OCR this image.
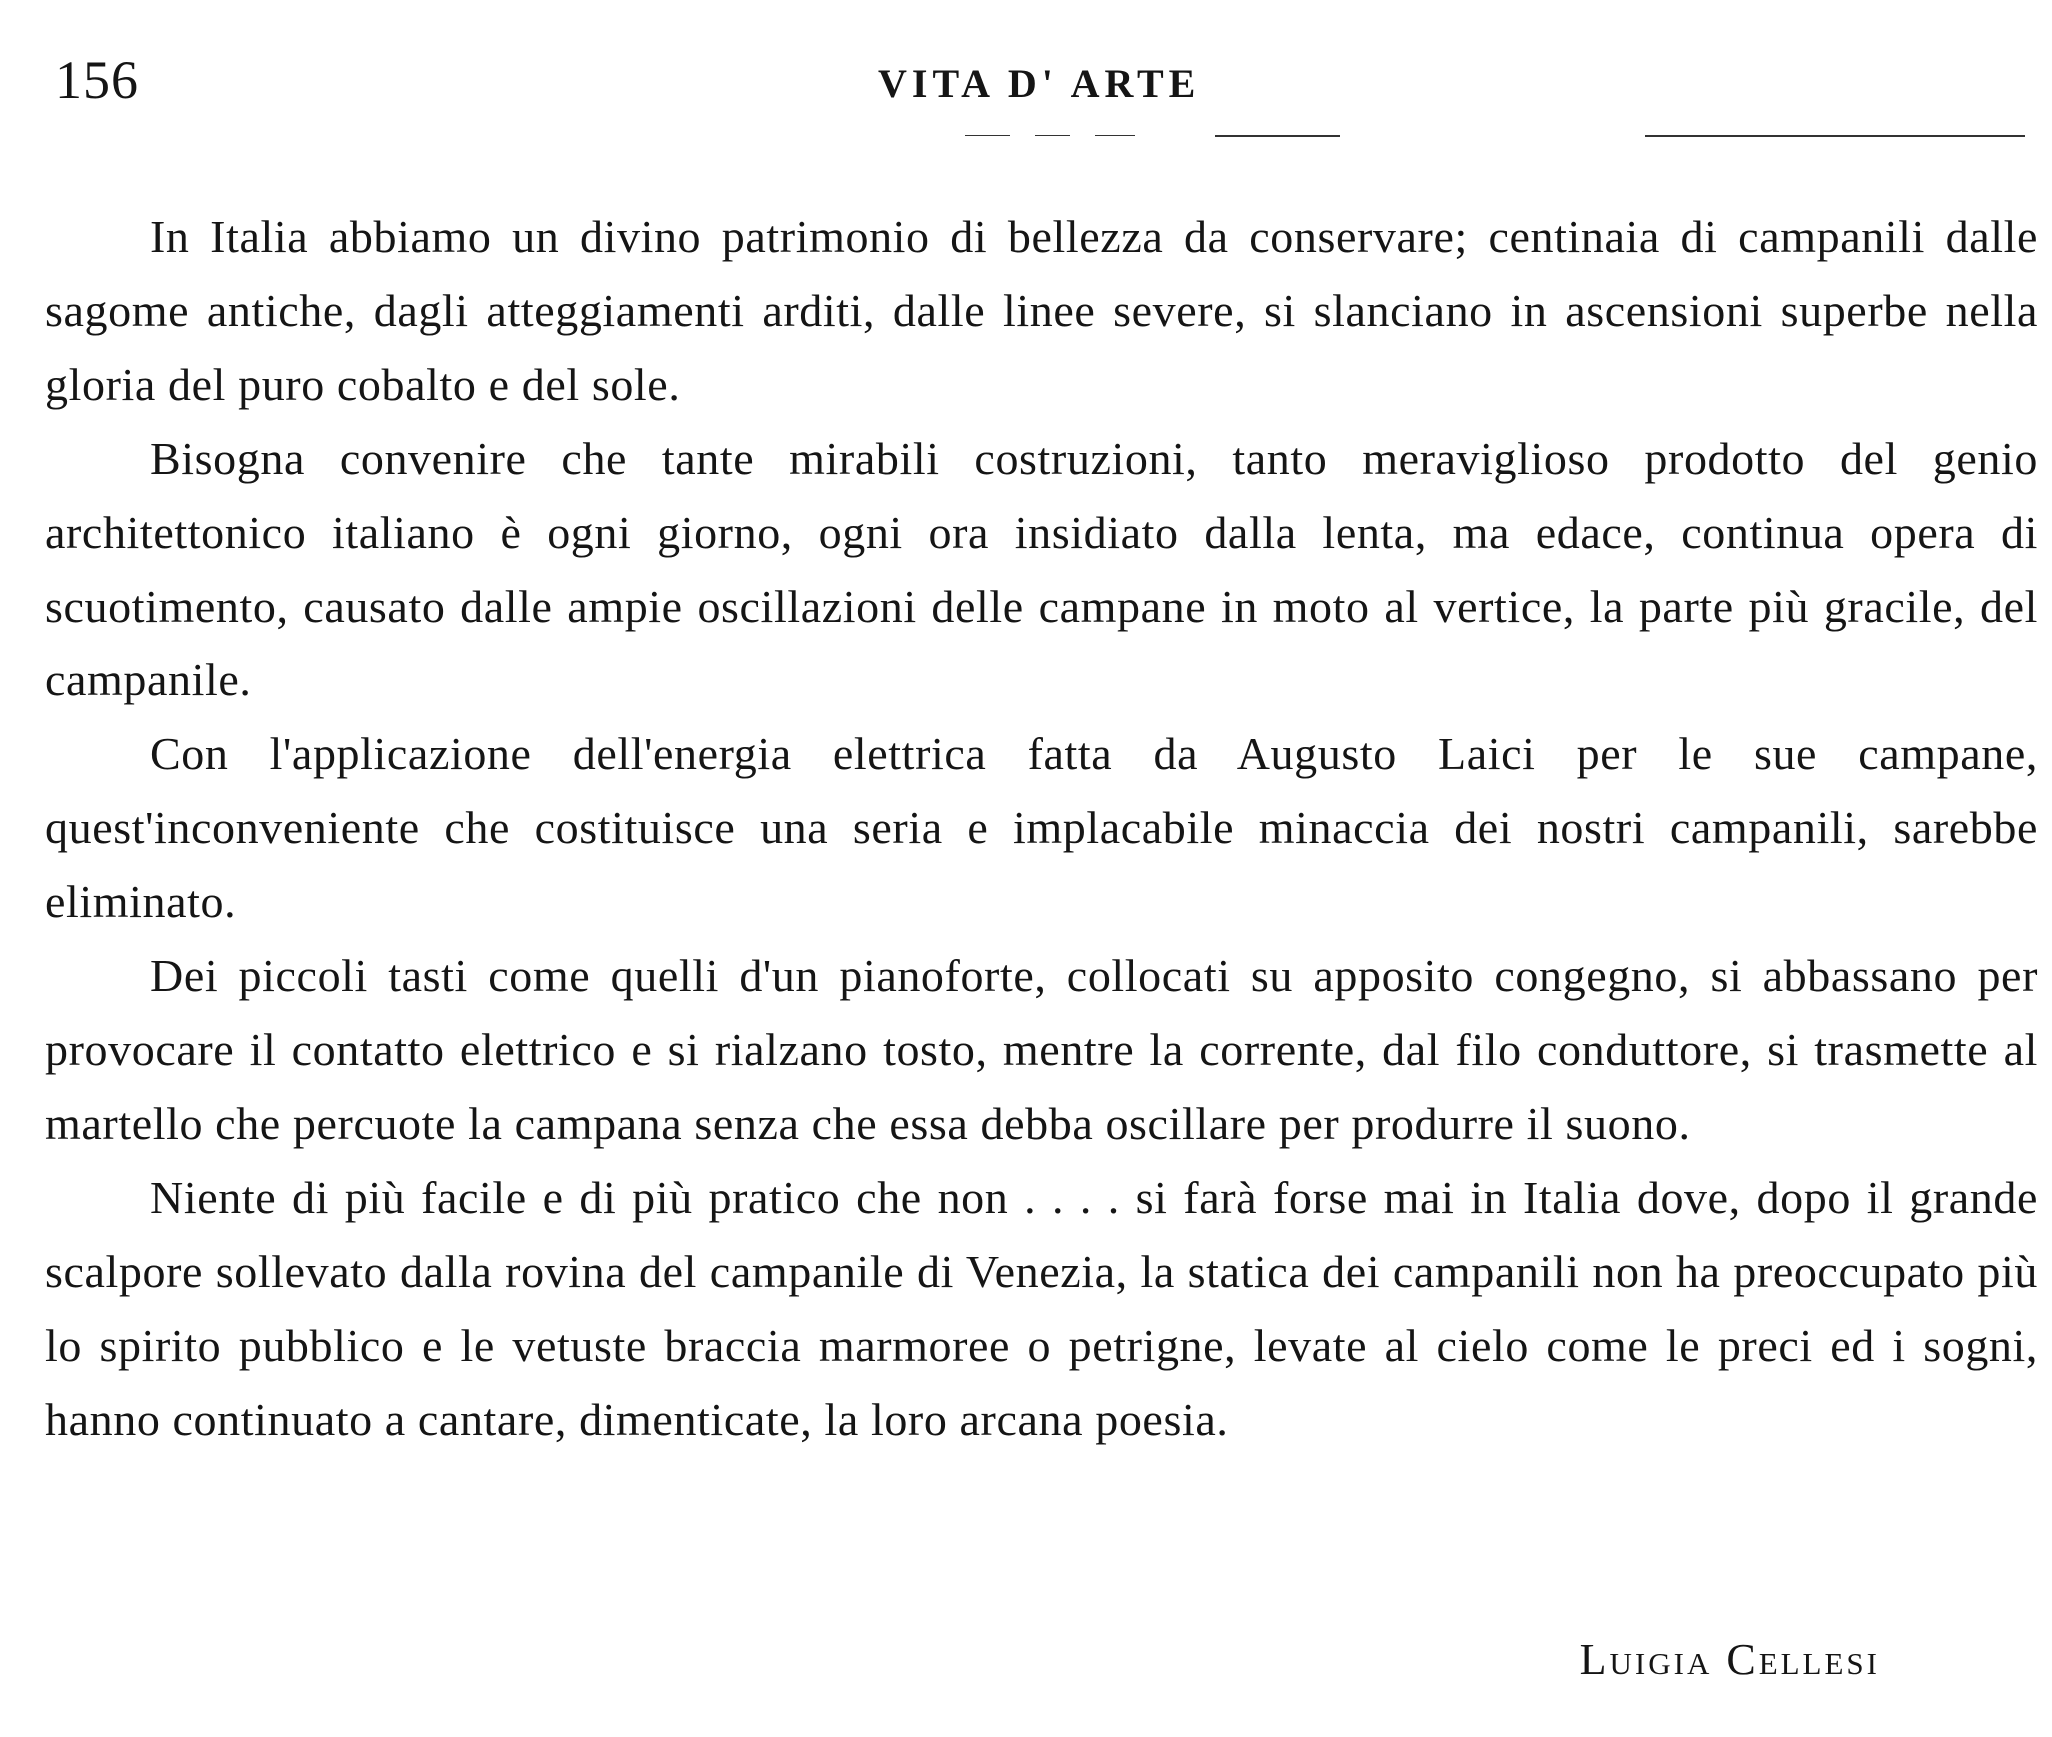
156	VITA D' ARTE

In Italia abbiamo un divino patrimonio di bellezza da conservare; centinaia di campanili dalle sagome antiche, dagli atteggiamenti arditi, dalle linee severe, si slanciano in ascensioni superbe nella gloria del puro cobalto e del sole.

Bisogna convenire che tante mirabili costruzioni, tanto meraviglioso prodotto del genio architettonico italiano è ogni giorno, ogni ora insidiato dalla lenta, ma edace, continua opera di scuotimento, causato dalle ampie oscillazioni delle campane in moto al vertice, la parte più gracile, del campanile.

Con l'applicazione dell'energia elettrica fatta da Augusto Laici per le sue campane, quest'inconveniente che costituisce una seria e implacabile minaccia dei nostri campanili, sarebbe eliminato.

Dei piccoli tasti come quelli d'un pianoforte, collocati su apposito congegno, si abbassano per provocare il contatto elettrico e si rialzano tosto, mentre la corrente, dal filo conduttore, si trasmette al martello che percuote la campana senza che essa debba oscillare per produrre il suono.

Niente di più facile e di più pratico che non . . . . si farà forse mai in Italia dove, dopo il grande scalpore sollevato dalla rovina del campanile di Venezia, la statica dei campanili non ha preoccupato più lo spirito pubblico e le vetuste braccia marmoree o petrigne, levate al cielo come le preci ed i sogni, hanno continuato a cantare, dimenticate, la loro arcana poesia.

Luigia Cellesi
